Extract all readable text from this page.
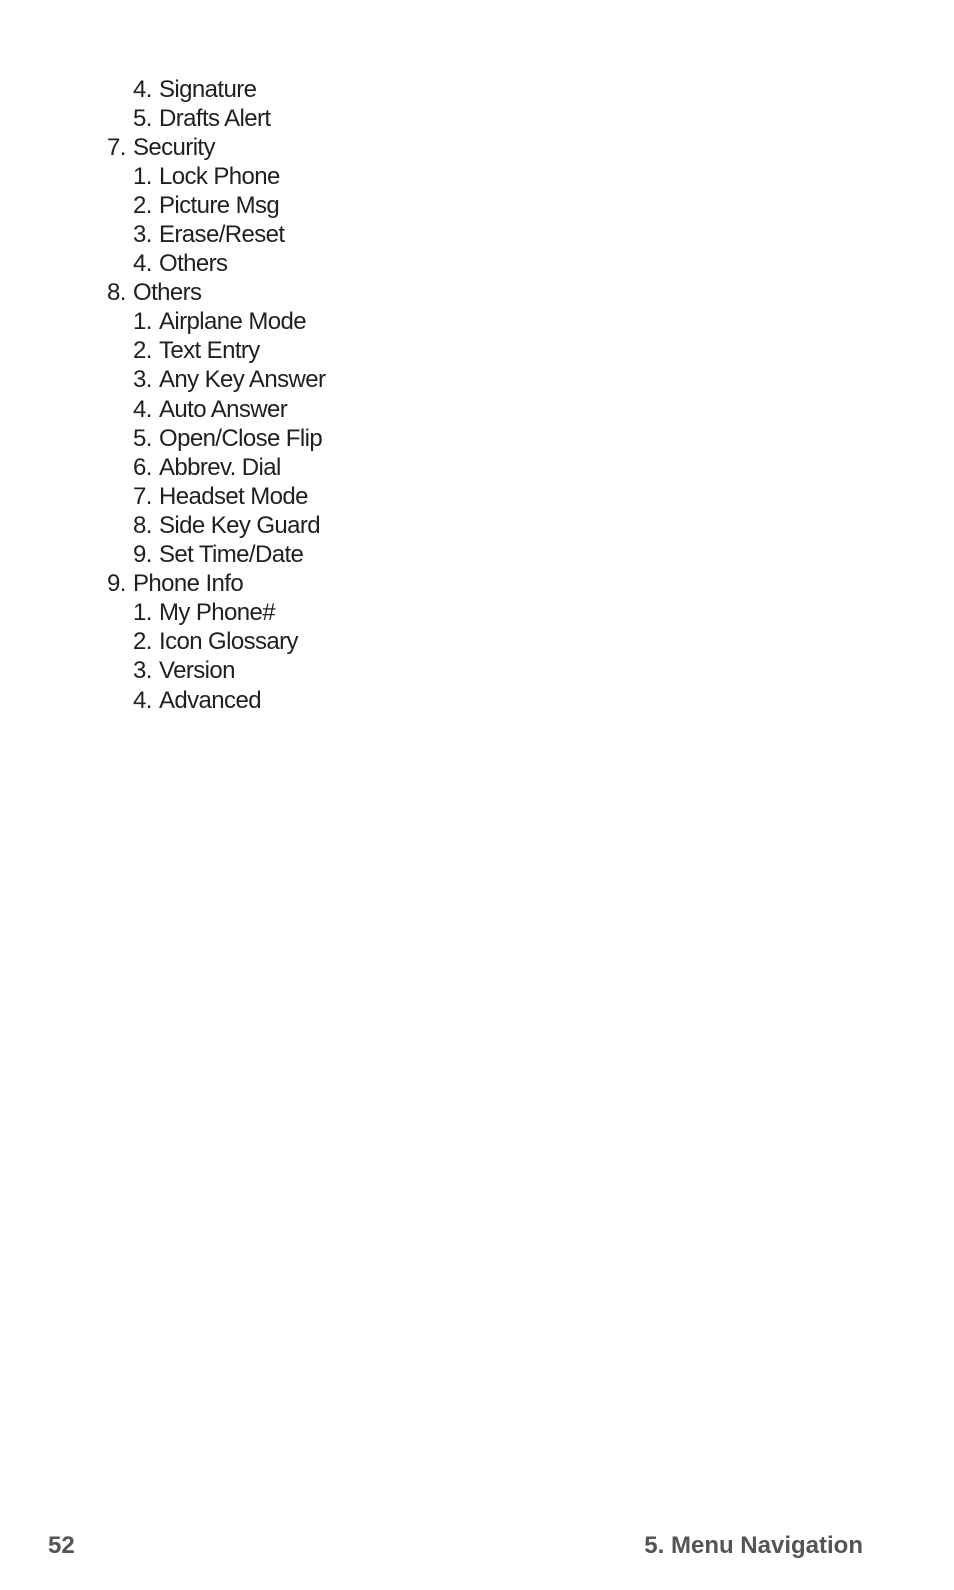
4. Signature
5. Drafts Alert
7. Security
1. Lock Phone
2. Picture Msg
3. Erase/Reset
4. Others
8. Others
1. Airplane Mode
2. Text Entry
3. Any Key Answer
4. Auto Answer
5. Open/Close Flip
6. Abbrev. Dial
7. Headset Mode
8. Side Key Guard
9. Set Time/Date
9. Phone Info
1. My Phone#
2. Icon Glossary
3. Version
4. Advanced
52	5. Menu Navigation
